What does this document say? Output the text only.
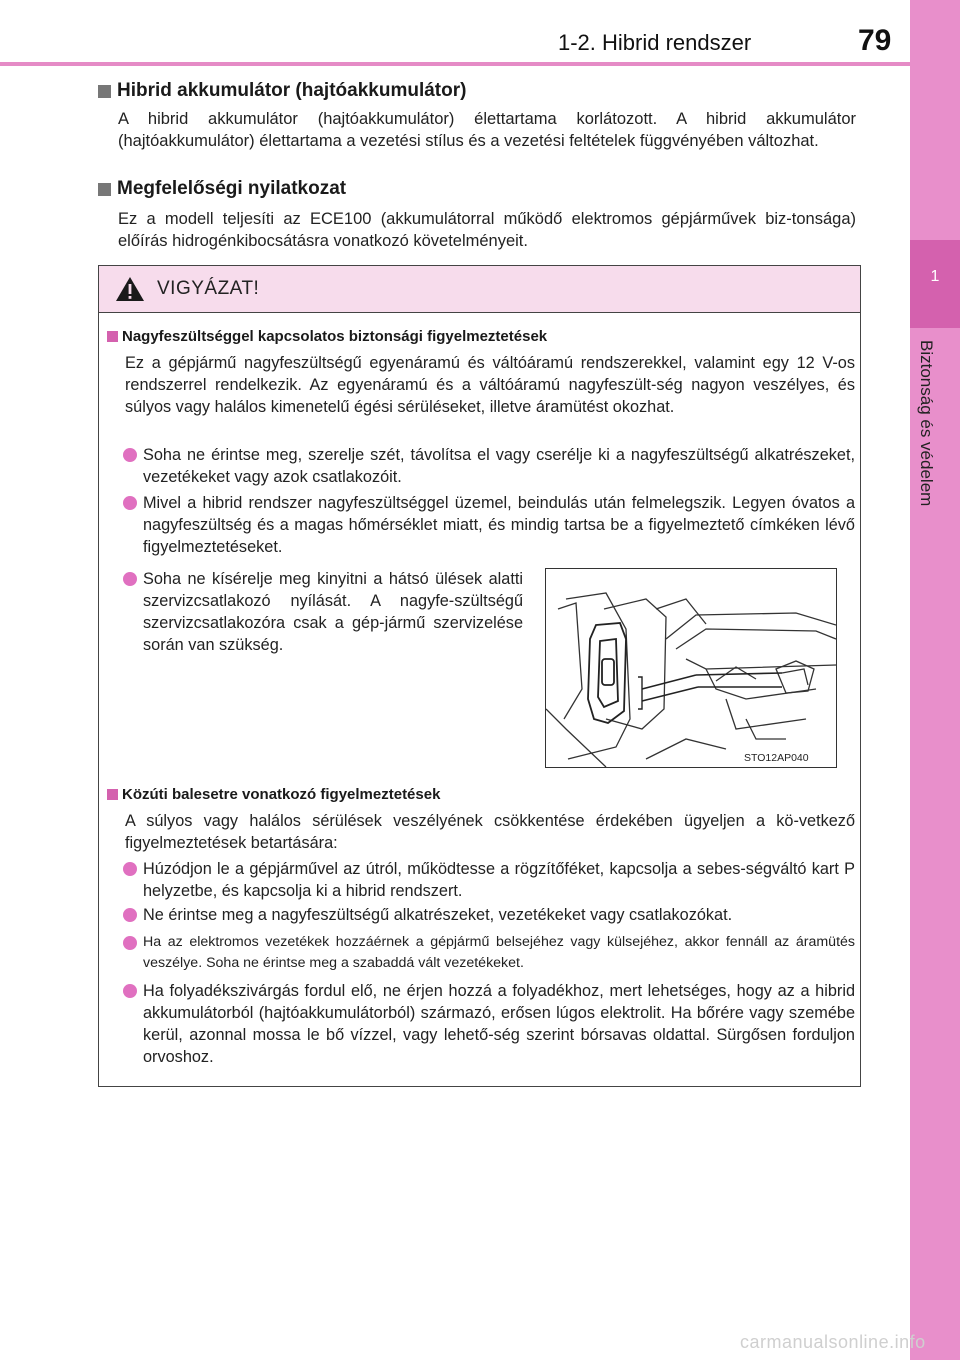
1-2. Hibrid rendszer	79
1
Biztonság és védelem
Hibrid akkumulátor (hajtóakkumulátor)
A hibrid akkumulátor (hajtóakkumulátor) élettartama korlátozott. A hibrid akkumulátor (hajtóakkumulátor) élettartama a vezetési stílus és a vezetési feltételek függvényében változhat.
Megfelelőségi nyilatkozat
Ez a modell teljesíti az ECE100 (akkumulátorral működő elektromos gépjárművek biz-tonsága) előírás hidrogénkibocsátásra vonatkozó követelményeit.
VIGYÁZAT!
Nagyfeszültséggel kapcsolatos biztonsági figyelmeztetések
Ez a gépjármű nagyfeszültségű egyenáramú és váltóáramú rendszerekkel, valamint egy 12 V-os rendszerrel rendelkezik. Az egyenáramú és a váltóáramú nagyfeszült-ség nagyon veszélyes, és súlyos vagy halálos kimenetelű égési sérüléseket, illetve áramütést okozhat.
Soha ne érintse meg, szerelje szét, távolítsa el vagy cserélje ki a nagyfeszültségű alkatrészeket, vezetékeket vagy azok csatlakozóit.
Mivel a hibrid rendszer nagyfeszültséggel üzemel, beindulás után felmelegszik. Legyen óvatos a nagyfeszültség és a magas hőmérséklet miatt, és mindig tartsa be a figyelmeztető címkéken lévő figyelmeztetéseket.
Soha ne kísérelje meg kinyitni a hátsó ülések alatti szervizcsatlakozó nyílását. A nagyfe-szültségű szervizcsatlakozóra csak a gép-jármű szervizelése során van szükség.
STO12AP040
Közúti balesetre vonatkozó figyelmeztetések
A súlyos vagy halálos sérülések veszélyének csökkentése érdekében ügyeljen a kö-vetkező figyelmeztetések betartására:
Húzódjon le a gépjárművel az útról, működtesse a rögzítőféket, kapcsolja a sebes-ségváltó kart P helyzetbe, és kapcsolja ki a hibrid rendszert.
Ne érintse meg a nagyfeszültségű alkatrészeket, vezetékeket vagy csatlakozókat.
Ha az elektromos vezetékek hozzáérnek a gépjármű belsejéhez vagy külsejéhez, akkor fennáll az áramütés veszélye. Soha ne érintse meg a szabaddá vált vezetékeket.
Ha folyadékszivárgás fordul elő, ne érjen hozzá a folyadékhoz, mert lehetséges, hogy az a hibrid akkumulátorból (hajtóakkumulátorból) származó, erősen lúgos elektrolit. Ha bőrére vagy szemébe kerül, azonnal mossa le bő vízzel, vagy lehető-ség szerint bórsavas oldattal. Sürgősen forduljon orvoshoz.
carmanualsonline.info
